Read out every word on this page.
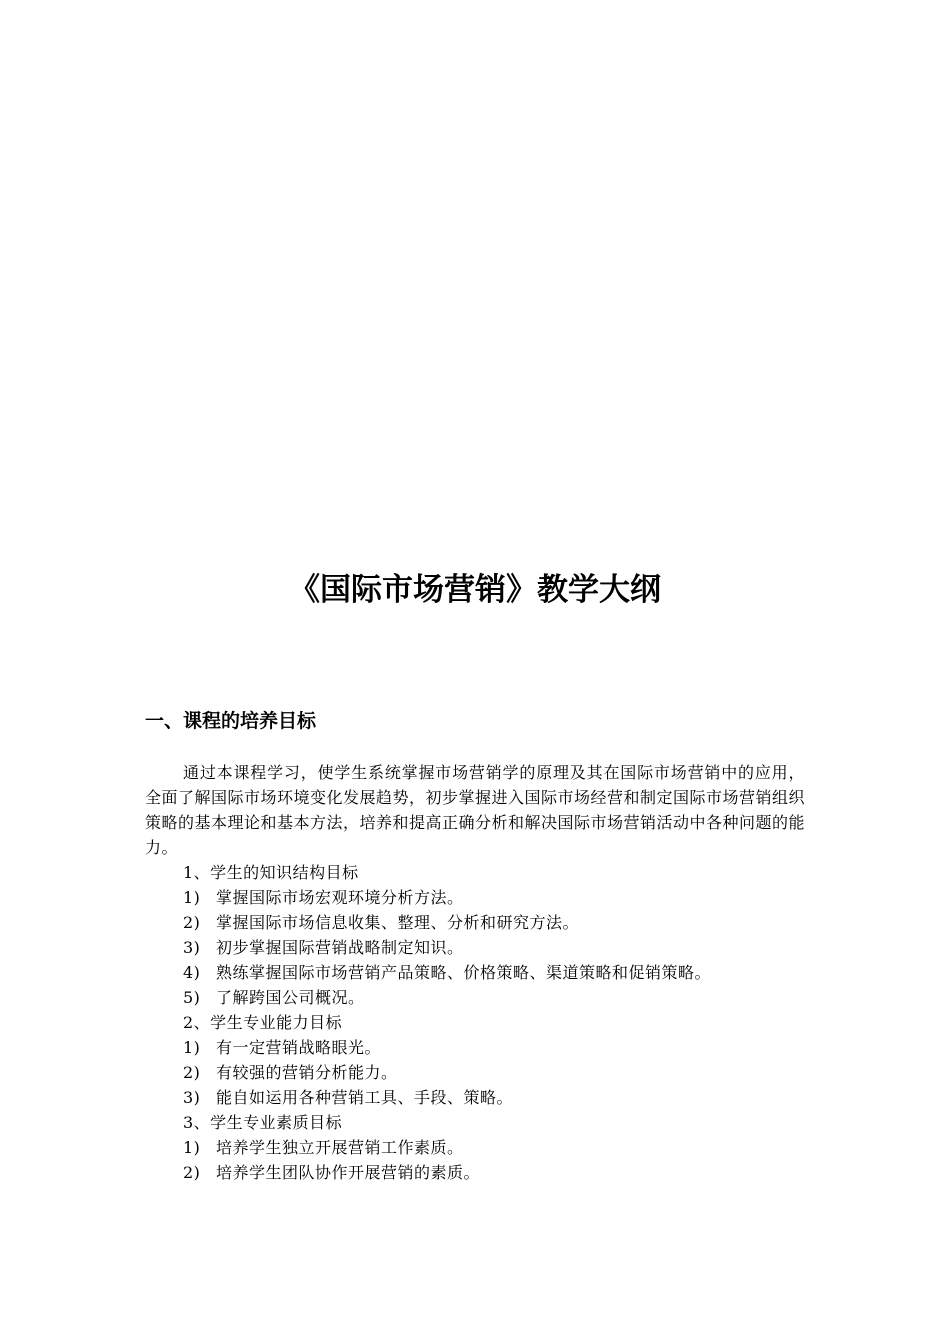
《国际市场营销》教学大纲
一、课程的培养目标

通过本课程学习，使学生系统掌握市场营销学的原理及其在国际市场营销中的应用，全面了解国际市场环境变化发展趋势，初步掌握进入国际市场经营和制定国际市场营销组织策略的基本理论和基本方法，培养和提高正确分析和解决国际市场营销活动中各种问题的能力。

1、学生的知识结构目标

1) 掌握国际市场宏观环境分析方法。

2) 掌握国际市场信息收集、整理、分析和研究方法。

3) 初步掌握国际营销战略制定知识。

4) 熟练掌握国际市场营销产品策略、价格策略、渠道策略和促销策略。

5) 了解跨国公司概况。

2、学生专业能力目标

1) 有一定营销战略眼光。

2) 有较强的营销分析能力。

3) 能自如运用各种营销工具、手段、策略。

3、学生专业素质目标

1) 培养学生独立开展营销工作素质。

2) 培养学生团队协作开展营销的素质。
